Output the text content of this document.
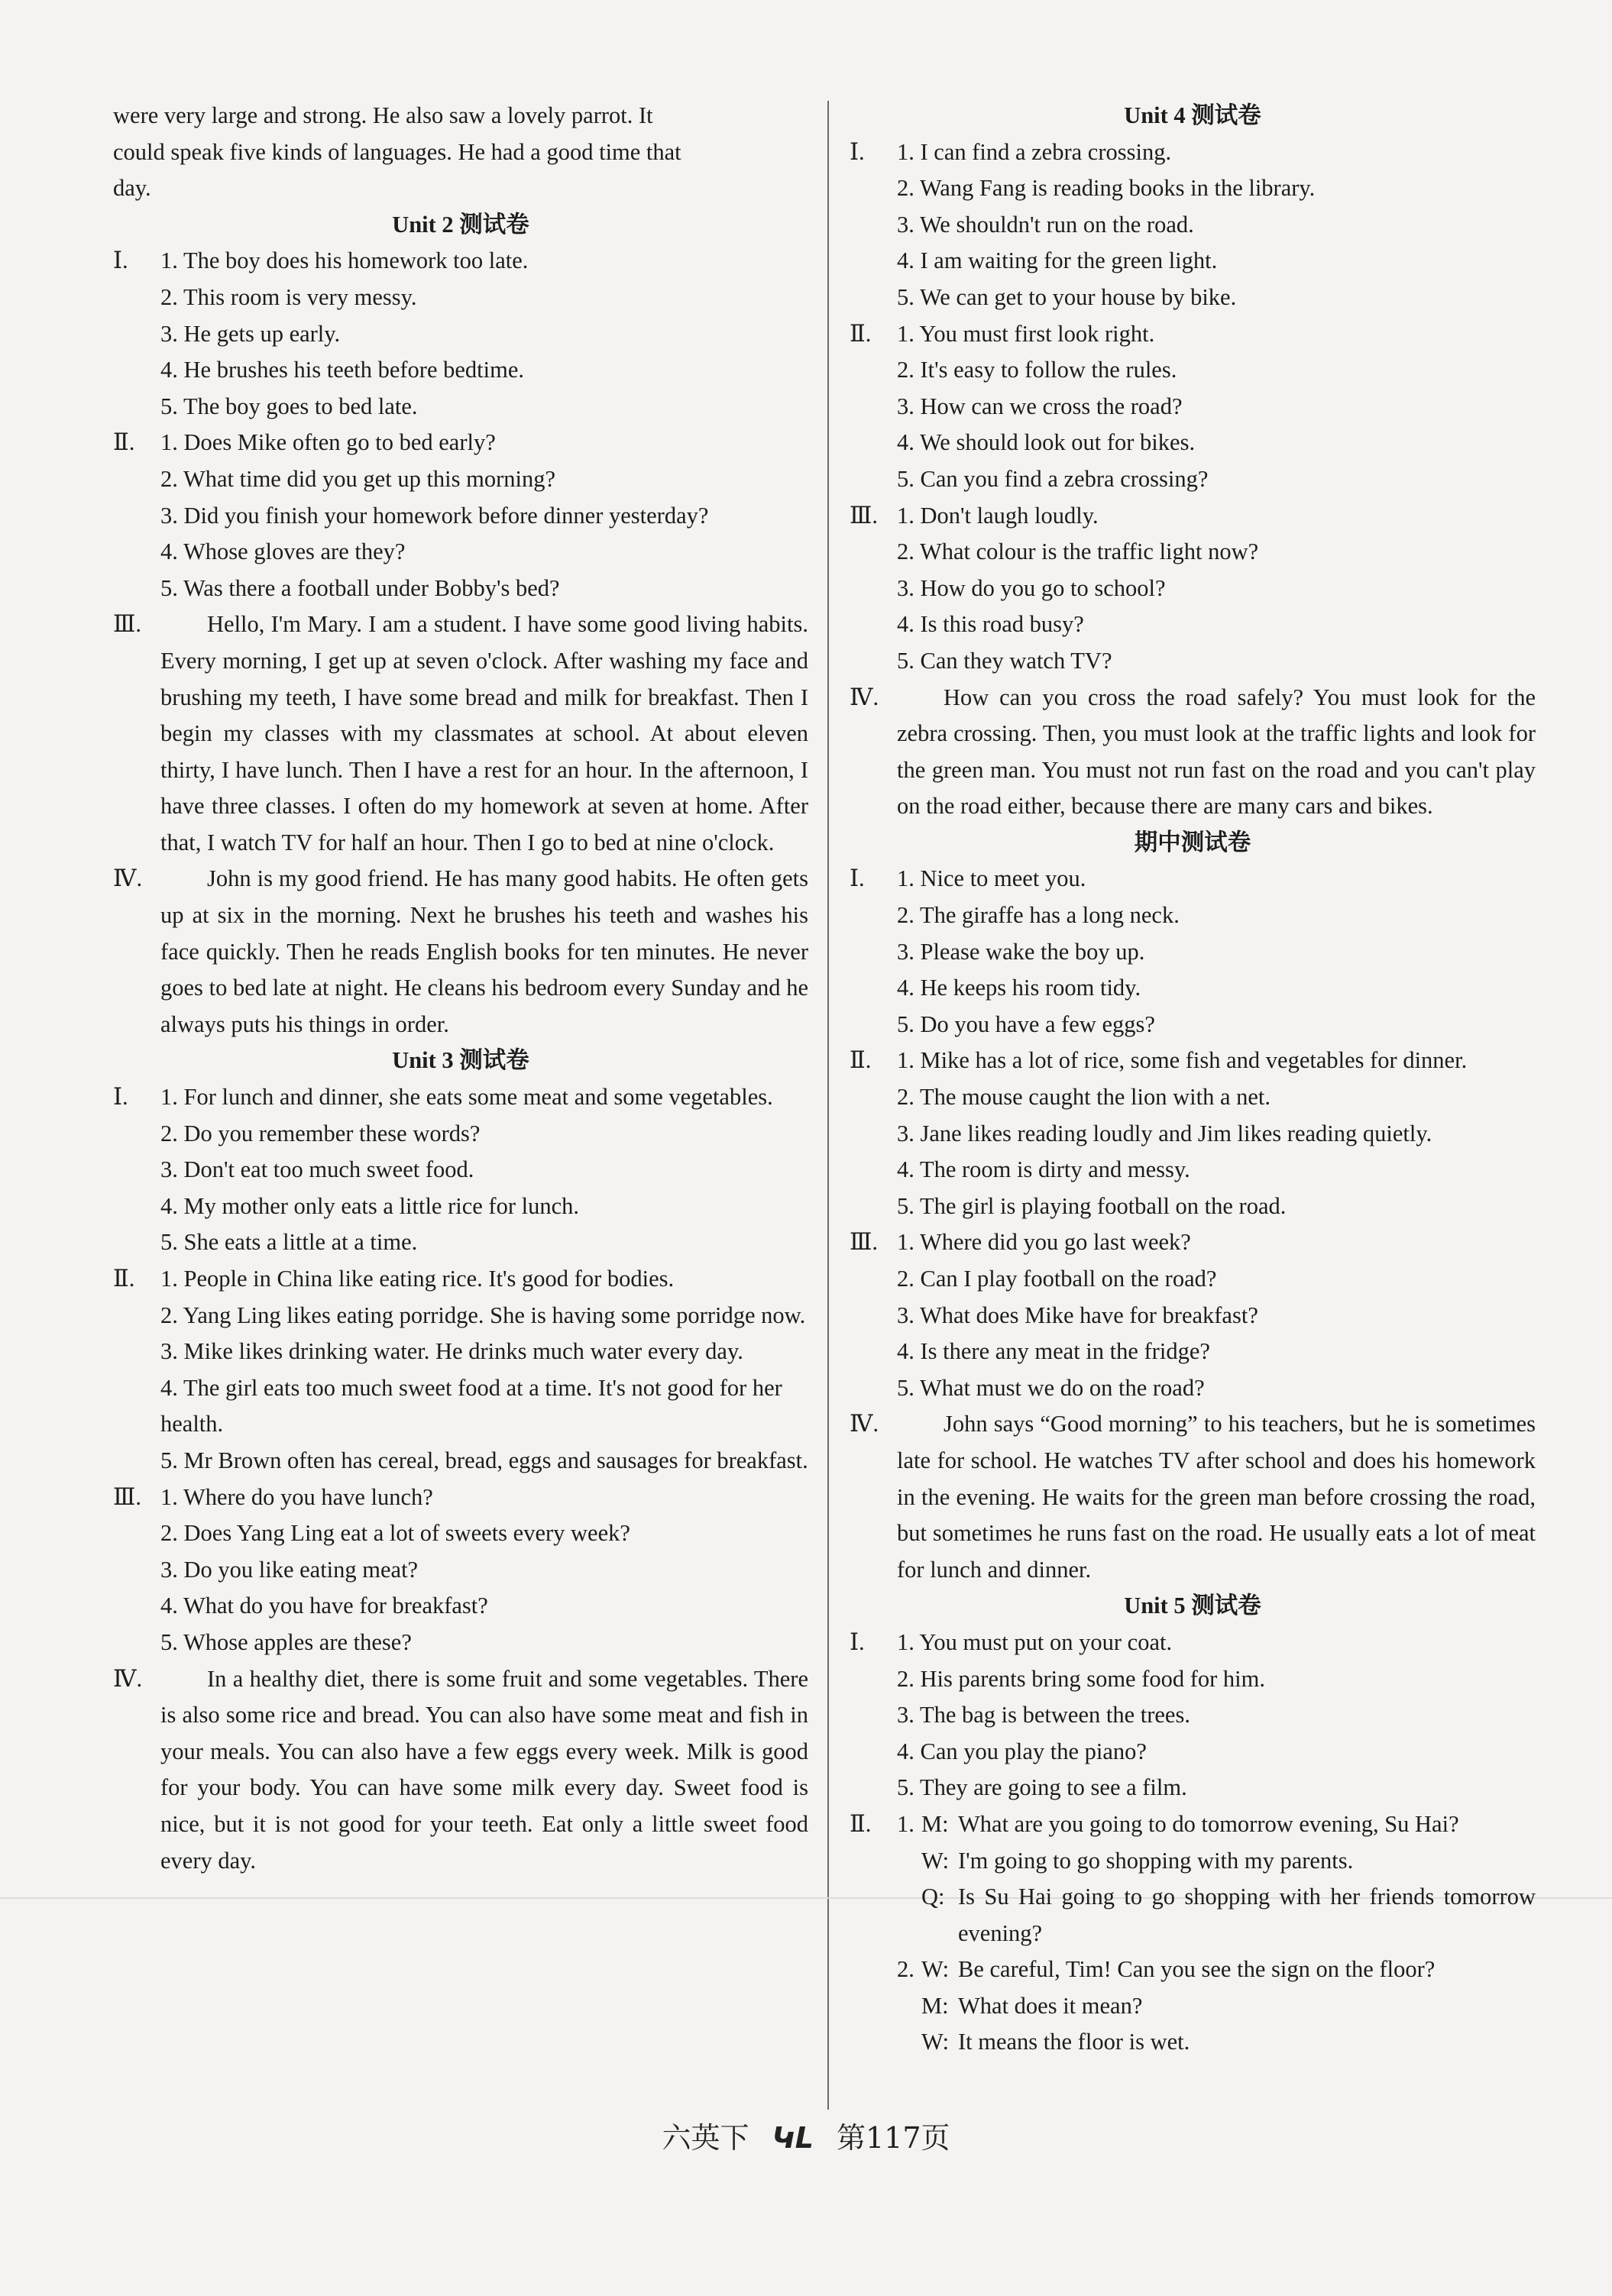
were very large and strong. He also saw a lovely parrot. It
could speak five kinds of languages. He had a good time that
day.
Unit 2 测试卷
Ⅰ.	1. The boy does his homework too late.
2. This room is very messy.
3. He gets up early.
4. He brushes his teeth before bedtime.
5. The boy goes to bed late.
Ⅱ.	1. Does Mike often go to bed early?
2. What time did you get up this morning?
3. Did you finish your homework before dinner yesterday?
4. Whose gloves are they?
5. Was there a football under Bobby's bed?
Ⅲ.	Hello, I'm Mary. I am a student. I have some good living habits. Every morning, I get up at seven o'clock. After washing my face and brushing my teeth, I have some bread and milk for breakfast. Then I begin my classes with my classmates at school. At about eleven thirty, I have lunch. Then I have a rest for an hour. In the afternoon, I have three classes. I often do my homework at seven at home. After that, I watch TV for half an hour. Then I go to bed at nine o'clock.
Ⅳ.	John is my good friend. He has many good habits. He often gets up at six in the morning. Next he brushes his teeth and washes his face quickly. Then he reads English books for ten minutes. He never goes to bed late at night. He cleans his bedroom every Sunday and he always puts his things in order.
Unit 3 测试卷
Ⅰ.	1. For lunch and dinner, she eats some meat and some vegetables.
2. Do you remember these words?
3. Don't eat too much sweet food.
4. My mother only eats a little rice for lunch.
5. She eats a little at a time.
Ⅱ.	1. People in China like eating rice. It's good for bodies.
2. Yang Ling likes eating porridge. She is having some porridge now.
3. Mike likes drinking water. He drinks much water every day.
4. The girl eats too much sweet food at a time. It's not good for her health.
5. Mr Brown often has cereal, bread, eggs and sausages for breakfast.
Ⅲ. 1. Where do you have lunch?
2. Does Yang Ling eat a lot of sweets every week?
3. Do you like eating meat?
4. What do you have for breakfast?
5. Whose apples are these?
Ⅳ.	In a healthy diet, there is some fruit and some vegetables. There is also some rice and bread. You can also have some meat and fish in your meals. You can also have a few eggs every week. Milk is good for your body. You can have some milk every day. Sweet food is nice, but it is not good for your teeth. Eat only a little sweet food every day.
Unit 4 测试卷
Ⅰ.	1. I can find a zebra crossing.
2. Wang Fang is reading books in the library.
3. We shouldn't run on the road.
4. I am waiting for the green light.
5. We can get to your house by bike.
Ⅱ.	1. You must first look right.
2. It's easy to follow the rules.
3. How can we cross the road?
4. We should look out for bikes.
5. Can you find a zebra crossing?
Ⅲ. 1. Don't laugh loudly.
2. What colour is the traffic light now?
3. How do you go to school?
4. Is this road busy?
5. Can they watch TV?
Ⅳ.	How can you cross the road safely? You must look for the zebra crossing. Then, you must look at the traffic lights and look for the green man. You must not run fast on the road and you can't play on the road either, because there are many cars and bikes.
期中测试卷
Ⅰ.	1. Nice to meet you.
2. The giraffe has a long neck.
3. Please wake the boy up.
4. He keeps his room tidy.
5. Do you have a few eggs?
Ⅱ.	1. Mike has a lot of rice, some fish and vegetables for dinner.
2. The mouse caught the lion with a net.
3. Jane likes reading loudly and Jim likes reading quietly.
4. The room is dirty and messy.
5. The girl is playing football on the road.
Ⅲ. 1. Where did you go last week?
2. Can I play football on the road?
3. What does Mike have for breakfast?
4. Is there any meat in the fridge?
5. What must we do on the road?
Ⅳ.	John says “Good morning” to his teachers, but he is sometimes late for school. He watches TV after school and does his homework in the evening. He waits for the green man before crossing the road, but sometimes he runs fast on the road. He usually eats a lot of meat for lunch and dinner.
Unit 5 测试卷
Ⅰ.	1. You must put on your coat.
2. His parents bring some food for him.
3. The bag is between the trees.
4. Can you play the piano?
5. They are going to see a film.
Ⅱ.	1. M: What are you going to do tomorrow evening, Su Hai?
W: I'm going to go shopping with my parents.
Q: Is Su Hai going to go shopping with her friends tomorrow evening?
2. W: Be careful, Tim! Can you see the sign on the floor?
M: What does it mean?
W: It means the floor is wet.
六英下 ԿL 第117页
